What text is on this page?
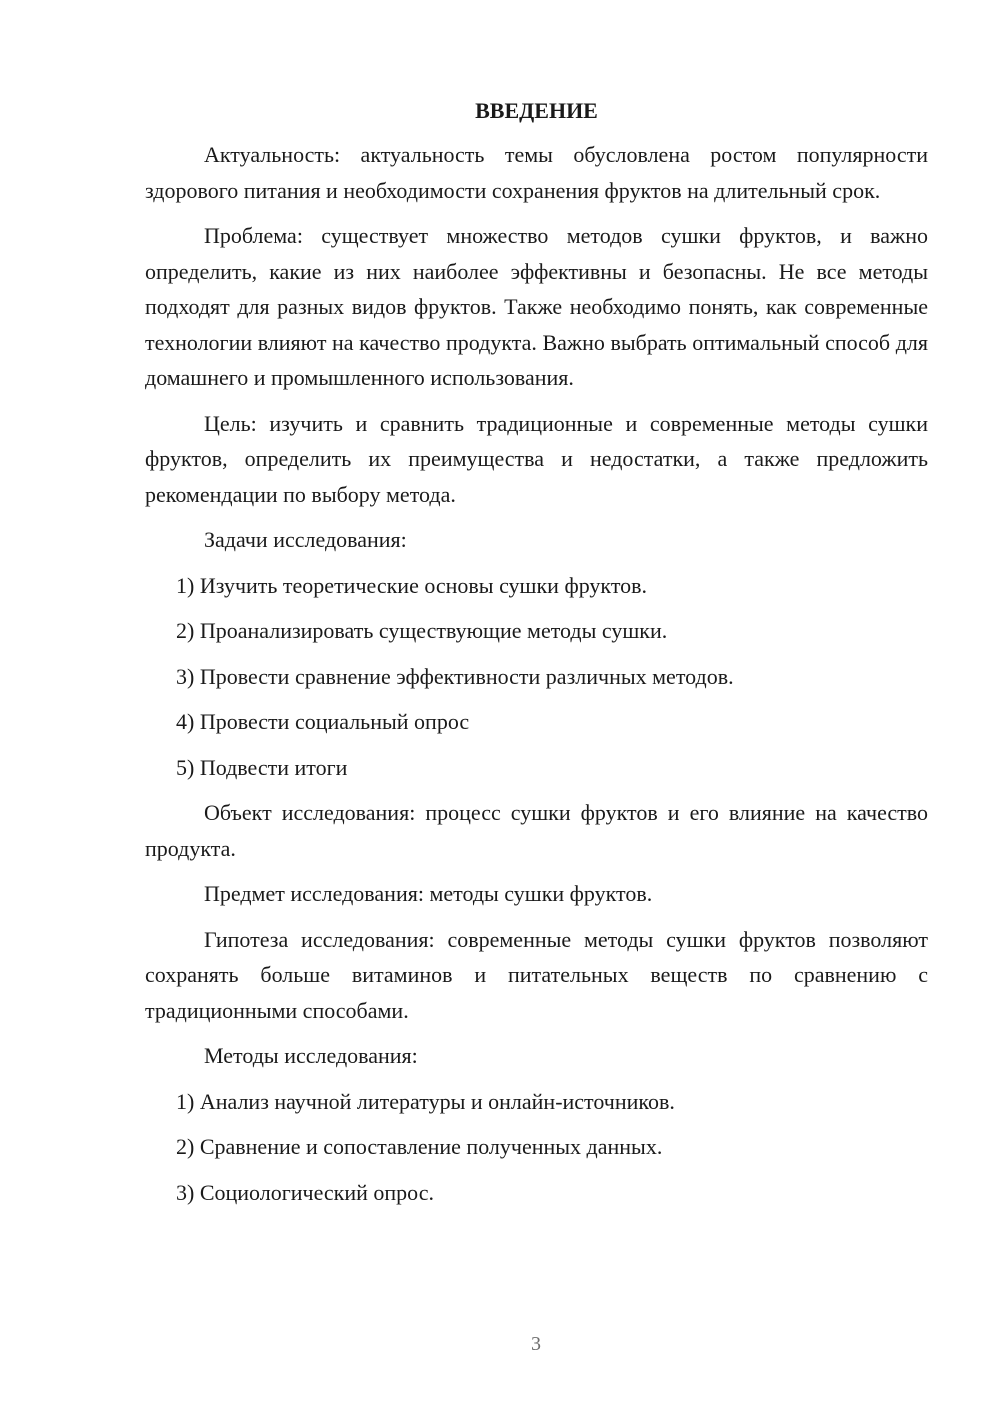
ВВЕДЕНИЕ

Актуальность: актуальность темы обусловлена ростом популярности здорового питания и необходимости сохранения фруктов на длительный срок.

Проблема: существует множество методов сушки фруктов, и важно определить, какие из них наиболее эффективны и безопасны. Не все методы подходят для разных видов фруктов. Также необходимо понять, как современные технологии влияют на качество продукта. Важно выбрать оптимальный способ для домашнего и промышленного использования.

Цель: изучить и сравнить традиционные и современные методы сушки фруктов, определить их преимущества и недостатки, а также предложить рекомендации по выбору метода.

Задачи исследования:

1) Изучить теоретические основы сушки фруктов.
2) Проанализировать существующие методы сушки.
3) Провести сравнение эффективности различных методов.
4) Провести социальный опрос
5) Подвести итоги

Объект исследования: процесс сушки фруктов и его влияние на качество продукта.

Предмет исследования: методы сушки фруктов.

Гипотеза исследования: современные методы сушки фруктов позволяют сохранять больше витаминов и питательных веществ по сравнению с традиционными способами.

Методы исследования:

1) Анализ научной литературы и онлайн-источников.
2) Сравнение и сопоставление полученных данных.
3) Социологический опрос.
3
